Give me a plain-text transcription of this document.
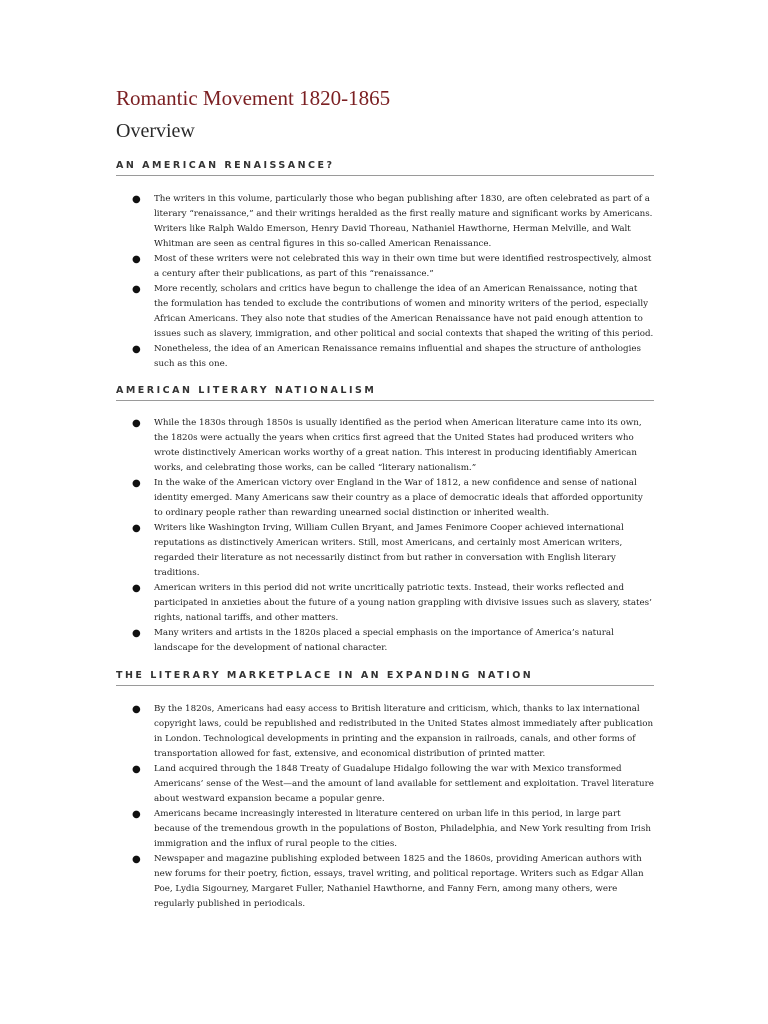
Romantic Movement 1820-1865
Overview
AN AMERICAN RENAISSANCE?
● The writers in this volume, particularly those who began publishing after 1830, are often celebrated as part of a literary “renaissance,” and their writings heralded as the first really mature and significant works by Americans. Writers like Ralph Waldo Emerson, Henry David Thoreau, Nathaniel Hawthorne, Herman Melville, and Walt Whitman are seen as central figures in this so-called American Renaissance.
● Most of these writers were not celebrated this way in their own time but were identified restrospectively, almost a century after their publications, as part of this “renaissance.”
● More recently, scholars and critics have begun to challenge the idea of an American Renaissance, noting that the formulation has tended to exclude the contributions of women and minority writers of the period, especially African Americans. They also note that studies of the American Renaissance have not paid enough attention to issues such as slavery, immigration, and other political and social contexts that shaped the writing of this period.
● Nonetheless, the idea of an American Renaissance remains influential and shapes the structure of anthologies such as this one.
AMERICAN LITERARY NATIONALISM
● While the 1830s through 1850s is usually identified as the period when American literature came into its own, the 1820s were actually the years when critics first agreed that the United States had produced writers who wrote distinctively American works worthy of a great nation. This interest in producing identifiably American works, and celebrating those works, can be called “literary nationalism.”
● In the wake of the American victory over England in the War of 1812, a new confidence and sense of national identity emerged. Many Americans saw their country as a place of democratic ideals that afforded opportunity to ordinary people rather than rewarding unearned social distinction or inherited wealth.
● Writers like Washington Irving, William Cullen Bryant, and James Fenimore Cooper achieved international reputations as distinctively American writers. Still, most Americans, and certainly most American writers, regarded their literature as not necessarily distinct from but rather in conversation with English literary traditions.
● American writers in this period did not write uncritically patriotic texts. Instead, their works reflected and participated in anxieties about the future of a young nation grappling with divisive issues such as slavery, states’ rights, national tariffs, and other matters.
● Many writers and artists in the 1820s placed a special emphasis on the importance of America’s natural landscape for the development of national character.
THE LITERARY MARKETPLACE IN AN EXPANDING NATION
● By the 1820s, Americans had easy access to British literature and criticism, which, thanks to lax international copyright laws, could be republished and redistributed in the United States almost immediately after publication in London. Technological developments in printing and the expansion in railroads, canals, and other forms of transportation allowed for fast, extensive, and economical distribution of printed matter.
● Land acquired through the 1848 Treaty of Guadalupe Hidalgo following the war with Mexico transformed Americans’ sense of the West—and the amount of land available for settlement and exploitation. Travel literature about westward expansion became a popular genre.
● Americans became increasingly interested in literature centered on urban life in this period, in large part because of the tremendous growth in the populations of Boston, Philadelphia, and New York resulting from Irish immigration and the influx of rural people to the cities.
● Newspaper and magazine publishing exploded between 1825 and the 1860s, providing American authors with new forums for their poetry, fiction, essays, travel writing, and political reportage. Writers such as Edgar Allan Poe, Lydia Sigourney, Margaret Fuller, Nathaniel Hawthorne, and Fanny Fern, among many others, were regularly published in periodicals.
